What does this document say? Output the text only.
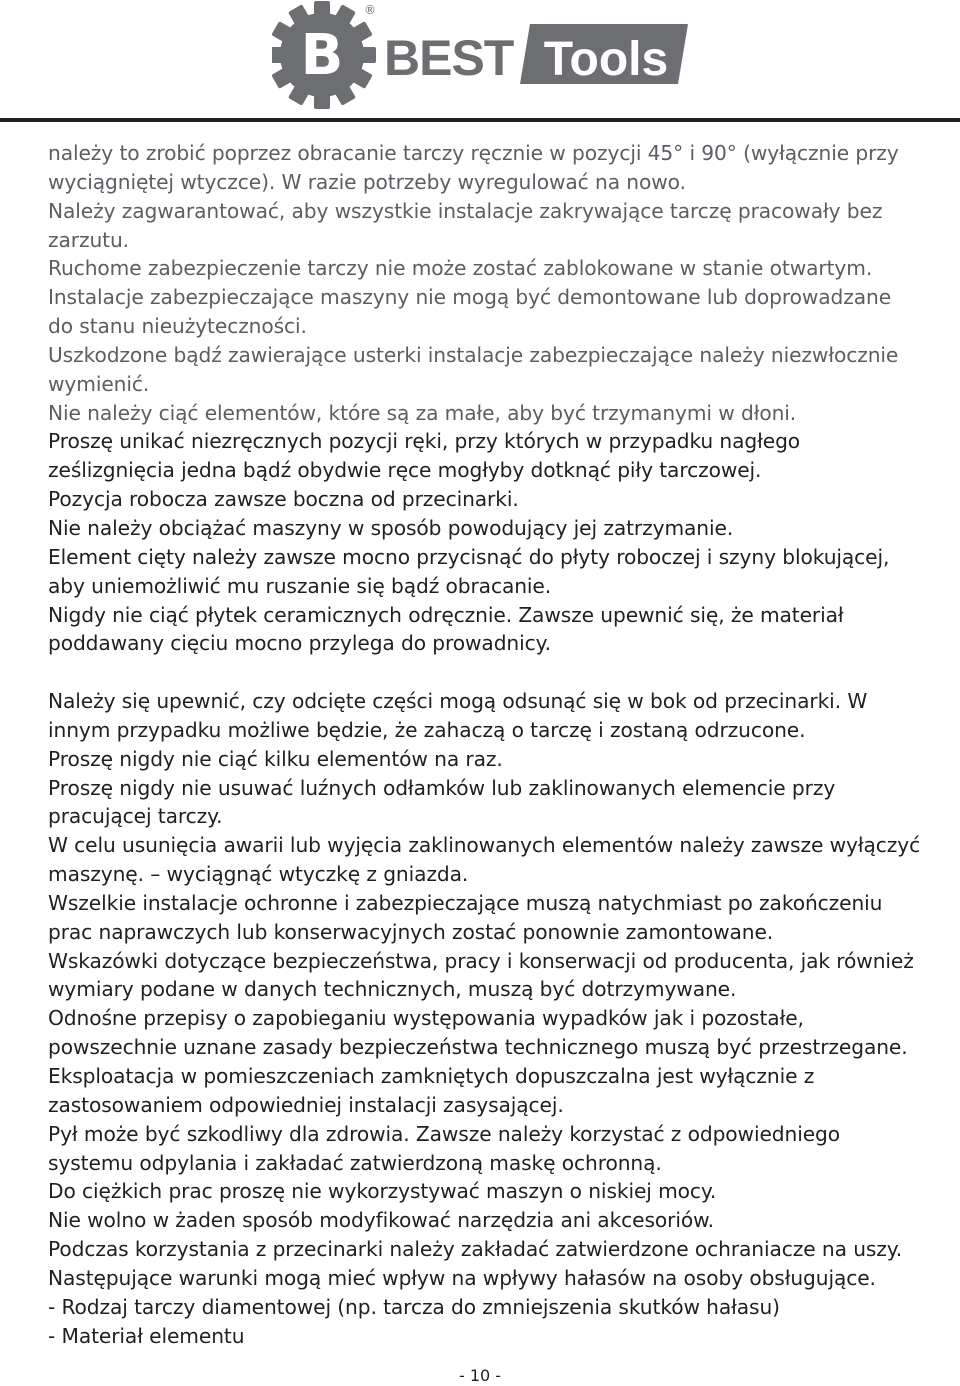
B BEST Tools
®
należy to zrobić poprzez obracanie tarczy ręcznie w pozycji 45° i 90° (wyłącznie przy
wyciągniętej wtyczce). W razie potrzeby wyregulować na nowo.
Należy zagwarantować, aby wszystkie instalacje zakrywające tarczę pracowały bez
zarzutu.
Ruchome zabezpieczenie tarczy nie może zostać zablokowane w stanie otwartym.
Instalacje zabezpieczające maszyny nie mogą być demontowane lub doprowadzane
do stanu nieużyteczności.
Uszkodzone bądź zawierające usterki instalacje zabezpieczające należy niezwłocznie
wymienić.
Nie należy ciąć elementów, które są za małe, aby być trzymanymi w dłoni.
Proszę unikać niezręcznych pozycji ręki, przy których w przypadku nagłego
ześlizgnięcia jedna bądź obydwie ręce mogłyby dotknąć piły tarczowej.
Pozycja robocza zawsze boczna od przecinarki.
Nie należy obciążać maszyny w sposób powodujący jej zatrzymanie.
Element cięty należy zawsze mocno przycisnąć do płyty roboczej i szyny blokującej,
aby uniemożliwić mu ruszanie się bądź obracanie.
Nigdy nie ciąć płytek ceramicznych odręcznie. Zawsze upewnić się, że materiał
poddawany cięciu mocno przylega do prowadnicy.
Należy się upewnić, czy odcięte części mogą odsunąć się w bok od przecinarki. W
innym przypadku możliwe będzie, że zahaczą o tarczę i zostaną odrzucone.
Proszę nigdy nie ciąć kilku elementów na raz.
Proszę nigdy nie usuwać luźnych odłamków lub zaklinowanych elemencie przy
pracującej tarczy.
W celu usunięcia awarii lub wyjęcia zaklinowanych elementów należy zawsze wyłączyć
maszynę. – wyciągnąć wtyczkę z gniazda.
Wszelkie instalacje ochronne i zabezpieczające muszą natychmiast po zakończeniu
prac naprawczych lub konserwacyjnych zostać ponownie zamontowane.
Wskazówki dotyczące bezpieczeństwa, pracy i konserwacji od producenta, jak również
wymiary podane w danych technicznych, muszą być dotrzymywane.
Odnośne przepisy o zapobieganiu występowania wypadków jak i pozostałe,
powszechnie uznane zasady bezpieczeństwa technicznego muszą być przestrzegane.
Eksploatacja w pomieszczeniach zamkniętych dopuszczalna jest wyłącznie z
zastosowaniem odpowiedniej instalacji zasysającej.
Pył może być szkodliwy dla zdrowia. Zawsze należy korzystać z odpowiedniego
systemu odpylania i zakładać zatwierdzoną maskę ochronną.
Do ciężkich prac proszę nie wykorzystywać maszyn o niskiej mocy.
Nie wolno w żaden sposób modyfikować narzędzia ani akcesoriów.
Podczas korzystania z przecinarki należy zakładać zatwierdzone ochraniacze na uszy.
Następujące warunki mogą mieć wpływ na wpływy hałasów na osoby obsługujące.
- Rodzaj tarczy diamentowej (np. tarcza do zmniejszenia skutków hałasu)
- Materiał elementu
- 10 -
